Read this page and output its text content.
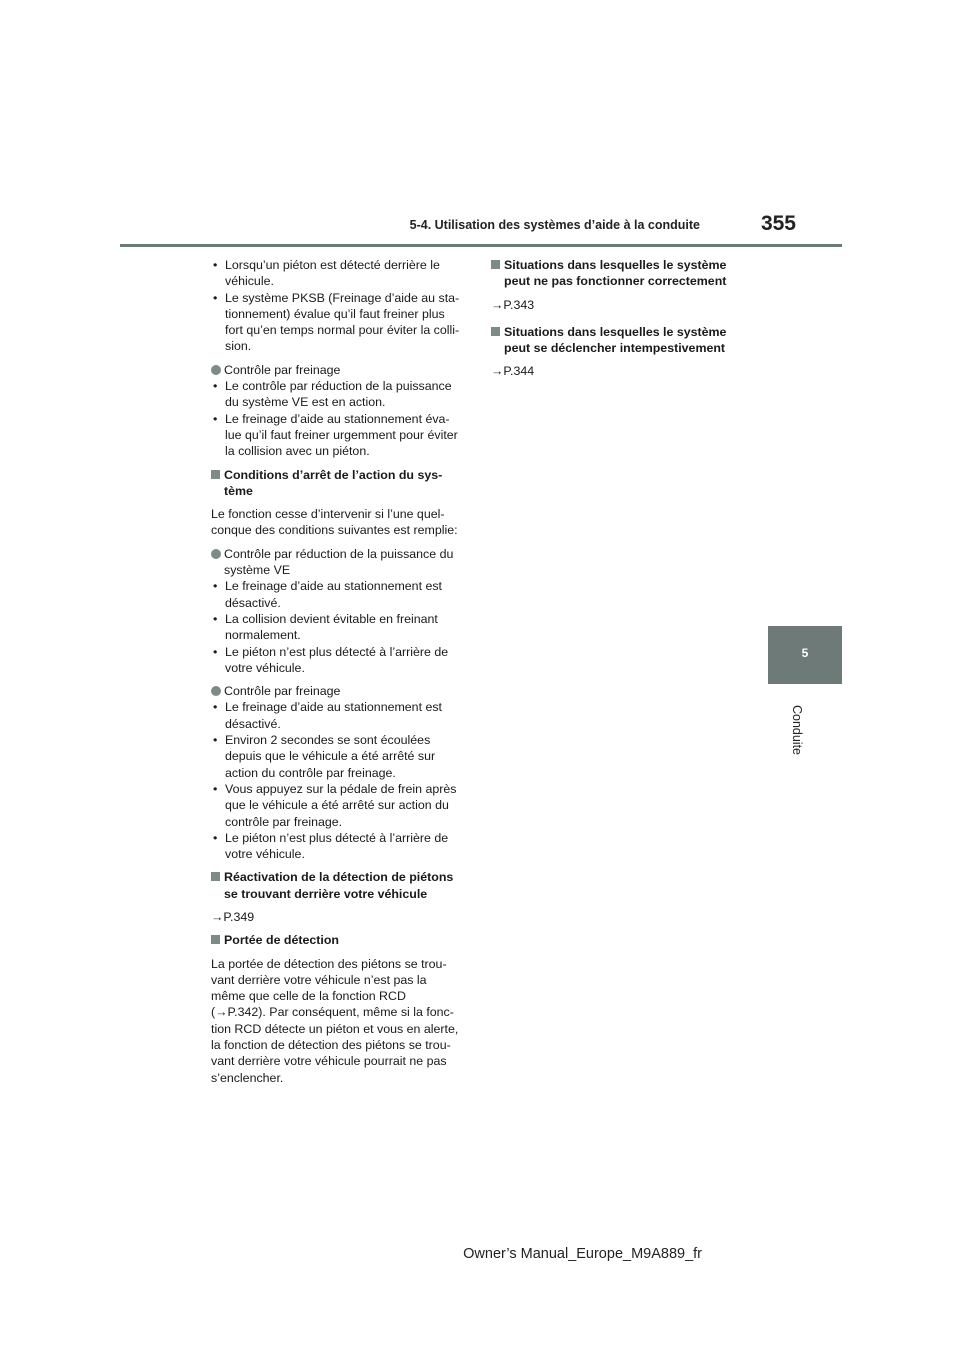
5-4. Utilisation des systèmes d’aide à la conduite	355
5
Conduite
• Lorsqu’un piéton est détecté derrière le
véhicule.
• Le système PKSB (Freinage d’aide au sta-
tionnement) évalue qu’il faut freiner plus
fort qu’en temps normal pour éviter la colli-
sion.
Contrôle par freinage
• Le contrôle par réduction de la puissance
du système VE est en action.
• Le freinage d’aide au stationnement éva-
lue qu’il faut freiner urgemment pour éviter
la collision avec un piéton.
Conditions d’arrêt de l’action du sys-
tème
Le fonction cesse d’intervenir si l’une quel-
conque des conditions suivantes est remplie:
Contrôle par réduction de la puissance du
système VE
• Le freinage d’aide au stationnement est
désactivé.
• La collision devient évitable en freinant
normalement.
• Le piéton n’est plus détecté à l’arrière de
votre véhicule.
Contrôle par freinage
• Le freinage d’aide au stationnement est
désactivé.
• Environ 2 secondes se sont écoulées
depuis que le véhicule a été arrêté sur
action du contrôle par freinage.
• Vous appuyez sur la pédale de frein après
que le véhicule a été arrêté sur action du
contrôle par freinage.
• Le piéton n’est plus détecté à l’arrière de
votre véhicule.
Réactivation de la détection de piétons
se trouvant derrière votre véhicule
→P.349
Portée de détection
La portée de détection des piétons se trou-
vant derrière votre véhicule n’est pas la
même que celle de la fonction RCD
(→P.342). Par conséquent, même si la fonc-
tion RCD détecte un piéton et vous en alerte,
la fonction de détection des piétons se trou-
vant derrière votre véhicule pourrait ne pas
s’enclencher.
Situations dans lesquelles le système
peut ne pas fonctionner correctement
→P.343
Situations dans lesquelles le système
peut se déclencher intempestivement
→P.344
Owner’s Manual_Europe_M9A889_fr
